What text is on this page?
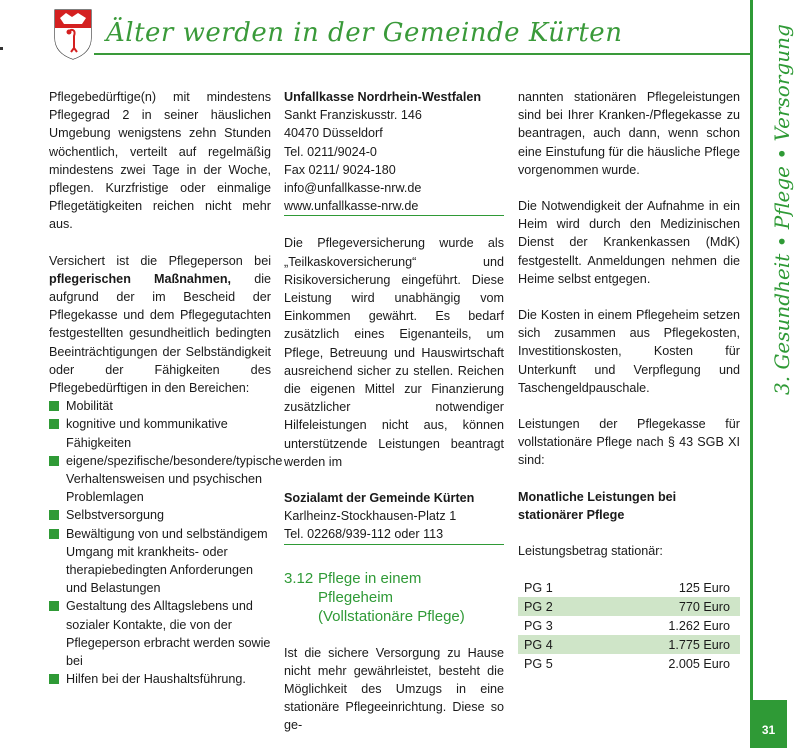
Älter werden in der Gemeinde Kürten	3. Gesundheit • Pflege • Versorgung
31

Pflegebedürftige(n) mit mindestens Pflegegrad 2 in seiner häuslichen Umgebung wenigstens zehn Stunden wöchentlich, verteilt auf regelmäßig mindestens zwei Tage in der Woche, pflegen. Kurzfristige oder einmalige Pflegetätigkeiten reichen nicht mehr aus.

Versichert ist die Pflegeperson bei pflegerischen Maßnahmen, die aufgrund der im Bescheid der Pflegekasse und dem Pflegegutachten festgestellten gesundheitlich bedingten Beeinträchtigungen der Selbständigkeit oder der Fähigkeiten des Pflegebedürftigen in den Bereichen:

Mobilität
kognitive und kommunikative Fähigkeiten
eigene/spezifische/besondere/typische Verhaltensweisen und psychischen Problemlagen
Selbstversorgung
Bewältigung von und selbständigem Umgang mit krankheits- oder therapiebedingten Anforderungen und Belastungen
Gestaltung des Alltagslebens und sozialer Kontakte, die von der Pflegeperson erbracht werden sowie bei
Hilfen bei der Haushaltsführung.
Unfallkasse Nordrhein-Westfalen
Sankt Franziskusstr. 146
40470 Düsseldorf
Tel. 0211/9024-0
Fax 0211/ 9024-180
info@unfallkasse-nrw.de
www.unfallkasse-nrw.de

Die Pflegeversicherung wurde als „Teilkaskoversicherung“ und Risikoversicherung eingeführt. Diese Leistung wird unabhängig vom Einkommen gewährt. Es bedarf zusätzlich eines Eigenanteils, um Pflege, Betreuung und Hauswirtschaft ausreichend sicher zu stellen. Reichen die eigenen Mittel zur Finanzierung zusätzlicher notwendiger Hilfeleistungen nicht aus, können unterstützende Leistungen beantragt werden im

Sozialamt der Gemeinde Kürten
Karlheinz-Stockhausen-Platz 1
Tel. 02268/939-112 oder 113
3.12 Pflege in einem
Pflegeheim
(Vollstationäre Pflege)

Ist die sichere Versorgung zu Hause nicht mehr gewährleistet, besteht die Möglichkeit des Umzugs in eine stationäre Pflegeeinrichtung. Diese so ge-

nannten stationären Pflegeleistungen sind bei Ihrer Kranken-/Pflegekasse zu beantragen, auch dann, wenn schon eine Einstufung für die häusliche Pflege vorgenommen wurde.

Die Notwendigkeit der Aufnahme in ein Heim wird durch den Medizinischen Dienst der Krankenkassen (MdK) festgestellt. Anmeldungen nehmen die Heime selbst entgegen.

Die Kosten in einem Pflegeheim setzen sich zusammen aus Pflegekosten, Investitionskosten, Kosten für Unterkunft und Verpflegung und Taschengeldpauschale.

Leistungen der Pflegekasse für vollstationäre Pflege nach § 43 SGB XI sind:

Monatliche Leistungen bei stationärer Pflege
Leistungsbetrag stationär:
PG 1	125 Euro
PG 2	770 Euro
PG 3	1.262 Euro
PG 4	1.775 Euro
PG 5	2.005 Euro
